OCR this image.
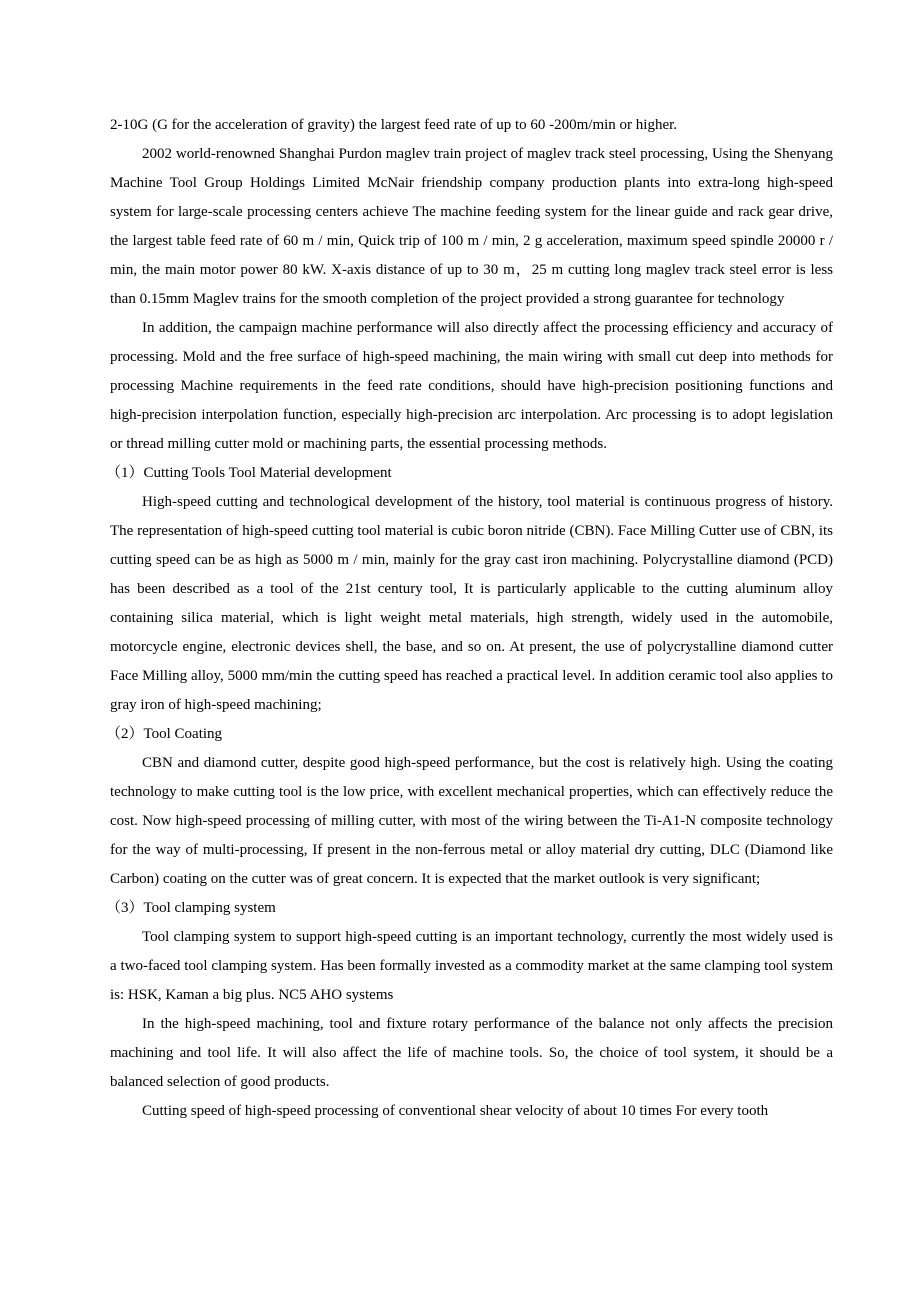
2-10G (G for the acceleration of gravity) the largest feed rate of up to 60 -200m/min or higher.

2002 world-renowned Shanghai Purdon maglev train project of maglev track steel processing, Using the Shenyang Machine Tool Group Holdings Limited McNair friendship company production plants into extra-long high-speed system for large-scale processing centers achieve The machine feeding system for the linear guide and rack gear drive, the largest table feed rate of 60 m / min, Quick trip of 100 m / min, 2 g acceleration, maximum speed spindle 20000 r / min, the main motor power 80 kW. X-axis distance of up to 30 m，25 m cutting long maglev track steel error is less than 0.15mm Maglev trains for the smooth completion of the project provided a strong guarantee for technology

In addition, the campaign machine performance will also directly affect the processing efficiency and accuracy of processing. Mold and the free surface of high-speed machining, the main wiring with small cut deep into methods for processing Machine requirements in the feed rate conditions, should have high-precision positioning functions and high-precision interpolation function, especially high-precision arc interpolation. Arc processing is to adopt legislation or thread milling cutter mold or machining parts, the essential processing methods.

（1）Cutting Tools Tool Material development

High-speed cutting and technological development of the history, tool material is continuous progress of history. The representation of high-speed cutting tool material is cubic boron nitride (CBN). Face Milling Cutter use of CBN, its cutting speed can be as high as 5000 m / min, mainly for the gray cast iron machining. Polycrystalline diamond (PCD) has been described as a tool of the 21st century tool, It is particularly applicable to the cutting aluminum alloy containing silica material, which is light weight metal materials, high strength, widely used in the automobile, motorcycle engine, electronic devices shell, the base, and so on. At present, the use of polycrystalline diamond cutter Face Milling alloy, 5000 mm/min the cutting speed has reached a practical level. In addition ceramic tool also applies to gray iron of high-speed machining;

（2）Tool Coating

CBN and diamond cutter, despite good high-speed performance, but the cost is relatively high. Using the coating technology to make cutting tool is the low price, with excellent mechanical properties, which can effectively reduce the cost. Now high-speed processing of milling cutter, with most of the wiring between the Ti-A1-N composite technology for the way of multi-processing, If present in the non-ferrous metal or alloy material dry cutting, DLC (Diamond like Carbon) coating on the cutter was of great concern. It is expected that the market outlook is very significant;

（3）Tool clamping system

Tool clamping system to support high-speed cutting is an important technology, currently the most widely used is a two-faced tool clamping system. Has been formally invested as a commodity market at the same clamping tool system is: HSK, Kaman a big plus. NC5 AHO systems

In the high-speed machining, tool and fixture rotary performance of the balance not only affects the precision machining and tool life. It will also affect the life of machine tools. So, the choice of tool system, it should be a balanced selection of good products.

Cutting speed of high-speed processing of conventional shear velocity of about 10 times For every tooth
